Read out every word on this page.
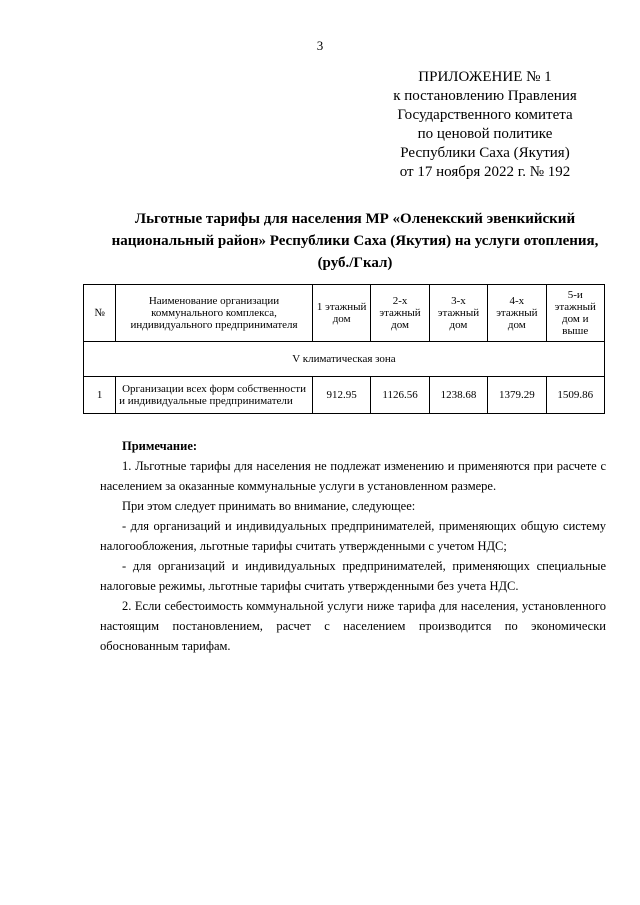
3
ПРИЛОЖЕНИЕ № 1
к постановлению Правления
Государственного комитета
по ценовой политике
Республики Саха (Якутия)
от 17 ноября 2022 г. № 192
Льготные тарифы для населения МР «Оленекский эвенкийский
национальный район» Республики Саха (Якутия) на услуги отопления,
(руб./Гкал)
№	Наименование организации коммунального комплекса, индивидуального предпринимателя	1 этажный дом	2-х этажный дом	3-х этажный дом	4-х этажный дом	5-и этажный дом и выше
V климатическая зона						
1	Организации всех форм собственности и индивидуальные предприниматели	912.95	1126.56	1238.68	1379.29	1509.86
Примечание:

1. Льготные тарифы для населения не подлежат изменению и применяются при расчете с населением за оказанные коммунальные услуги в установленном размере.

При этом следует принимать во внимание, следующее:

- для организаций и индивидуальных предпринимателей, применяющих общую систему налогообложения, льготные тарифы считать утвержденными с учетом НДС;

- для организаций и индивидуальных предпринимателей, применяющих специальные налоговые режимы, льготные тарифы считать утвержденными без учета НДС.

2. Если себестоимость коммунальной услуги ниже тарифа для населения, установленного настоящим постановлением, расчет с населением производится по экономически обоснованным тарифам.
